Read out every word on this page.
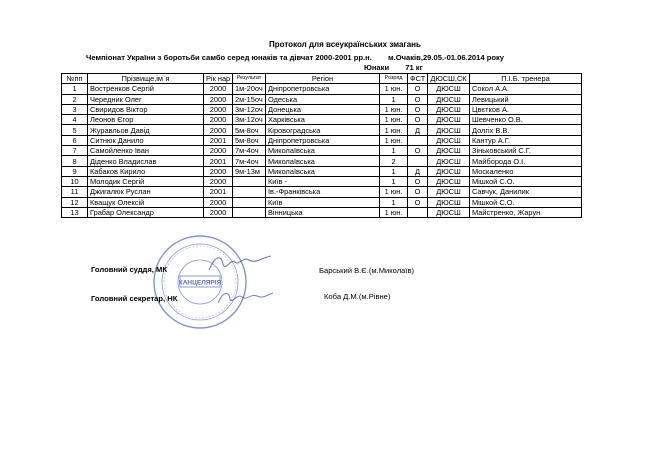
Протокол для всеукраїнських змагань
Чемпіонат України з боротьби самбо серед юнаків та дівчат 2000-2001 рр.н. м.Очаків,29.05.-01.06.2014 року
Юнаки 71 кг
№пп	Прізвище,ім`я	Рік нар	Результат	Регіон	Розряд	ФСТ	ДЮСШ,СК	П.І.Б. тренера
1	Востренков Сергій	2000	1м-20оч	Дніпропетровська	1 юн.	О	ДЮСШ	Сокол А.А.
2	Чередник Олег	2000	2м-15оч	Одеська	1	О	ДЮСШ	Левицький
3	Свиридов Віктор	2000	3м-12оч	Донецька	1 юн.	О	ДЮСШ	Цвєтков А.
4	Леонов Єгор	2000	3м-12оч	Харківська	1 юн.	О	ДЮСШ	Шевченко О.В.
5	Журавльов Давід	2000	5м-8оч	Кіровоградська	1 юн.	Д	ДЮСШ	Долгіх В.В.
6	Ситнюк Данило	2001	5м-8оч	Дніпропетровська	1 юн.		ДЮСШ	Кантур А.Г.
7	Самойленко Іван	2000	7м-4оч	Миколаївська	1	О	ДЮСШ	Зіньковський С.Г.
8	Діденко Владислав	2001	7м-4оч	Миколаївська	2		ДЮСШ	Майборода О.І.
9	Кабаков Кирило	2000	9м-13м	Миколаївська	1	Д	ДЮСШ	Москаленко
10	Молодик Сергій	2000		Київ -	1	О	ДЮСШ	Мішкой С.О.
11	Джигалюк Руслан	2001		Ів.-Франківська	1 юн.	О	ДЮСШ	Савчук, Данилик
12	Кващук Олексій	2000		Київ	1	О	ДЮСШ	Мішкой С.О.
13	Грабар Олександр	2000		Вінницька	1 юн.		ДЮСШ	Майстренко, Жарун
КАНЦЕЛЯРІЯ
Головний суддя, МК	Барський В.Є.(м.Миколаїв)
Головний секретар, НК	Коба Д.М.(м.Рівне)
